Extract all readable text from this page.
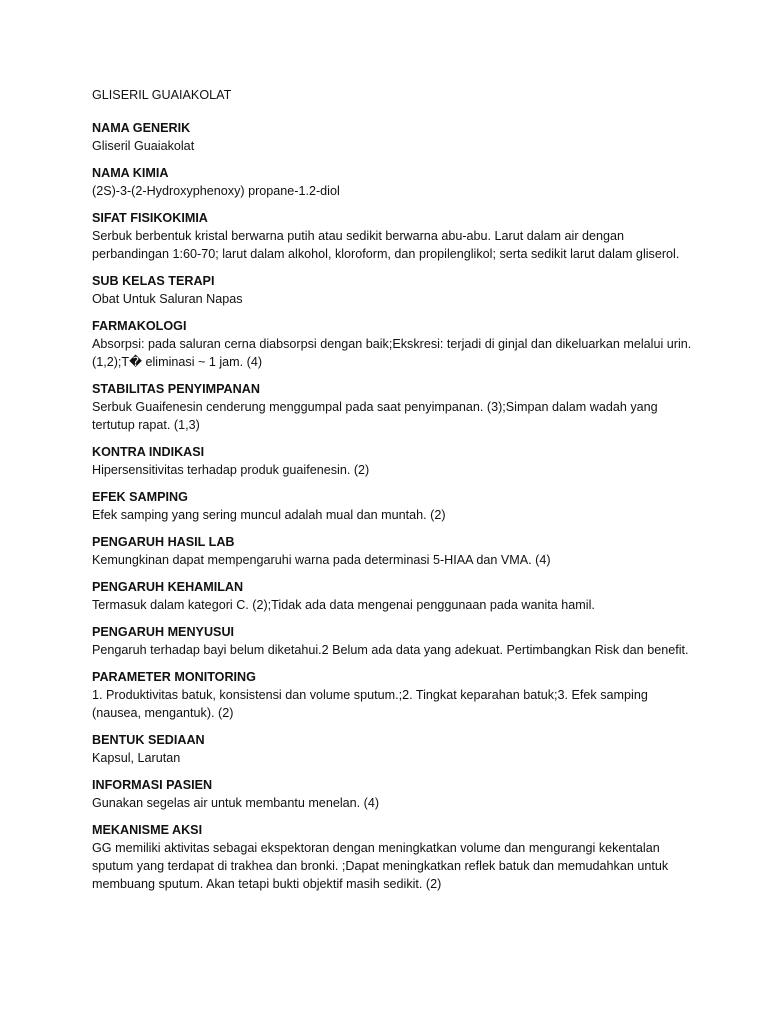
GLISERIL GUAIAKOLAT

NAMA GENERIK

Gliseril Guaiakolat

NAMA KIMIA

(2S)-3-(2-Hydroxyphenoxy) propane-1.2-diol

SIFAT FISIKOKIMIA

Serbuk berbentuk kristal berwarna putih atau sedikit berwarna abu-abu. Larut dalam air dengan perbandingan 1:60-70; larut dalam alkohol, kloroform, dan propilenglikol; serta sedikit larut dalam gliserol.

SUB KELAS TERAPI

Obat Untuk Saluran Napas

FARMAKOLOGI

Absorpsi: pada saluran cerna diabsorpsi dengan baik;Ekskresi: terjadi di ginjal dan dikeluarkan melalui urin. (1,2);T� eliminasi ~ 1 jam. (4)

STABILITAS PENYIMPANAN

Serbuk Guaifenesin cenderung menggumpal pada saat penyimpanan. (3);Simpan dalam wadah yang tertutup rapat. (1,3)

KONTRA INDIKASI

Hipersensitivitas terhadap produk guaifenesin. (2)

EFEK SAMPING

Efek samping yang sering muncul adalah mual dan muntah. (2)

PENGARUH HASIL LAB

Kemungkinan dapat mempengaruhi warna pada determinasi 5-HIAA dan VMA. (4)

PENGARUH KEHAMILAN

Termasuk dalam kategori C. (2);Tidak ada data mengenai penggunaan pada wanita hamil.

PENGARUH MENYUSUI

Pengaruh terhadap bayi belum diketahui.2 Belum ada data yang adekuat. Pertimbangkan Risk dan benefit.

PARAMETER MONITORING

1. Produktivitas batuk, konsistensi dan volume sputum.;2. Tingkat keparahan batuk;3. Efek samping (nausea, mengantuk). (2)

BENTUK SEDIAAN

Kapsul, Larutan

INFORMASI PASIEN

Gunakan segelas air untuk membantu menelan. (4)

MEKANISME AKSI

GG memiliki aktivitas sebagai ekspektoran dengan meningkatkan volume dan mengurangi kekentalan sputum yang terdapat di trakhea dan bronki. ;Dapat meningkatkan reflek batuk dan memudahkan untuk membuang sputum. Akan tetapi bukti objektif masih sedikit. (2)
